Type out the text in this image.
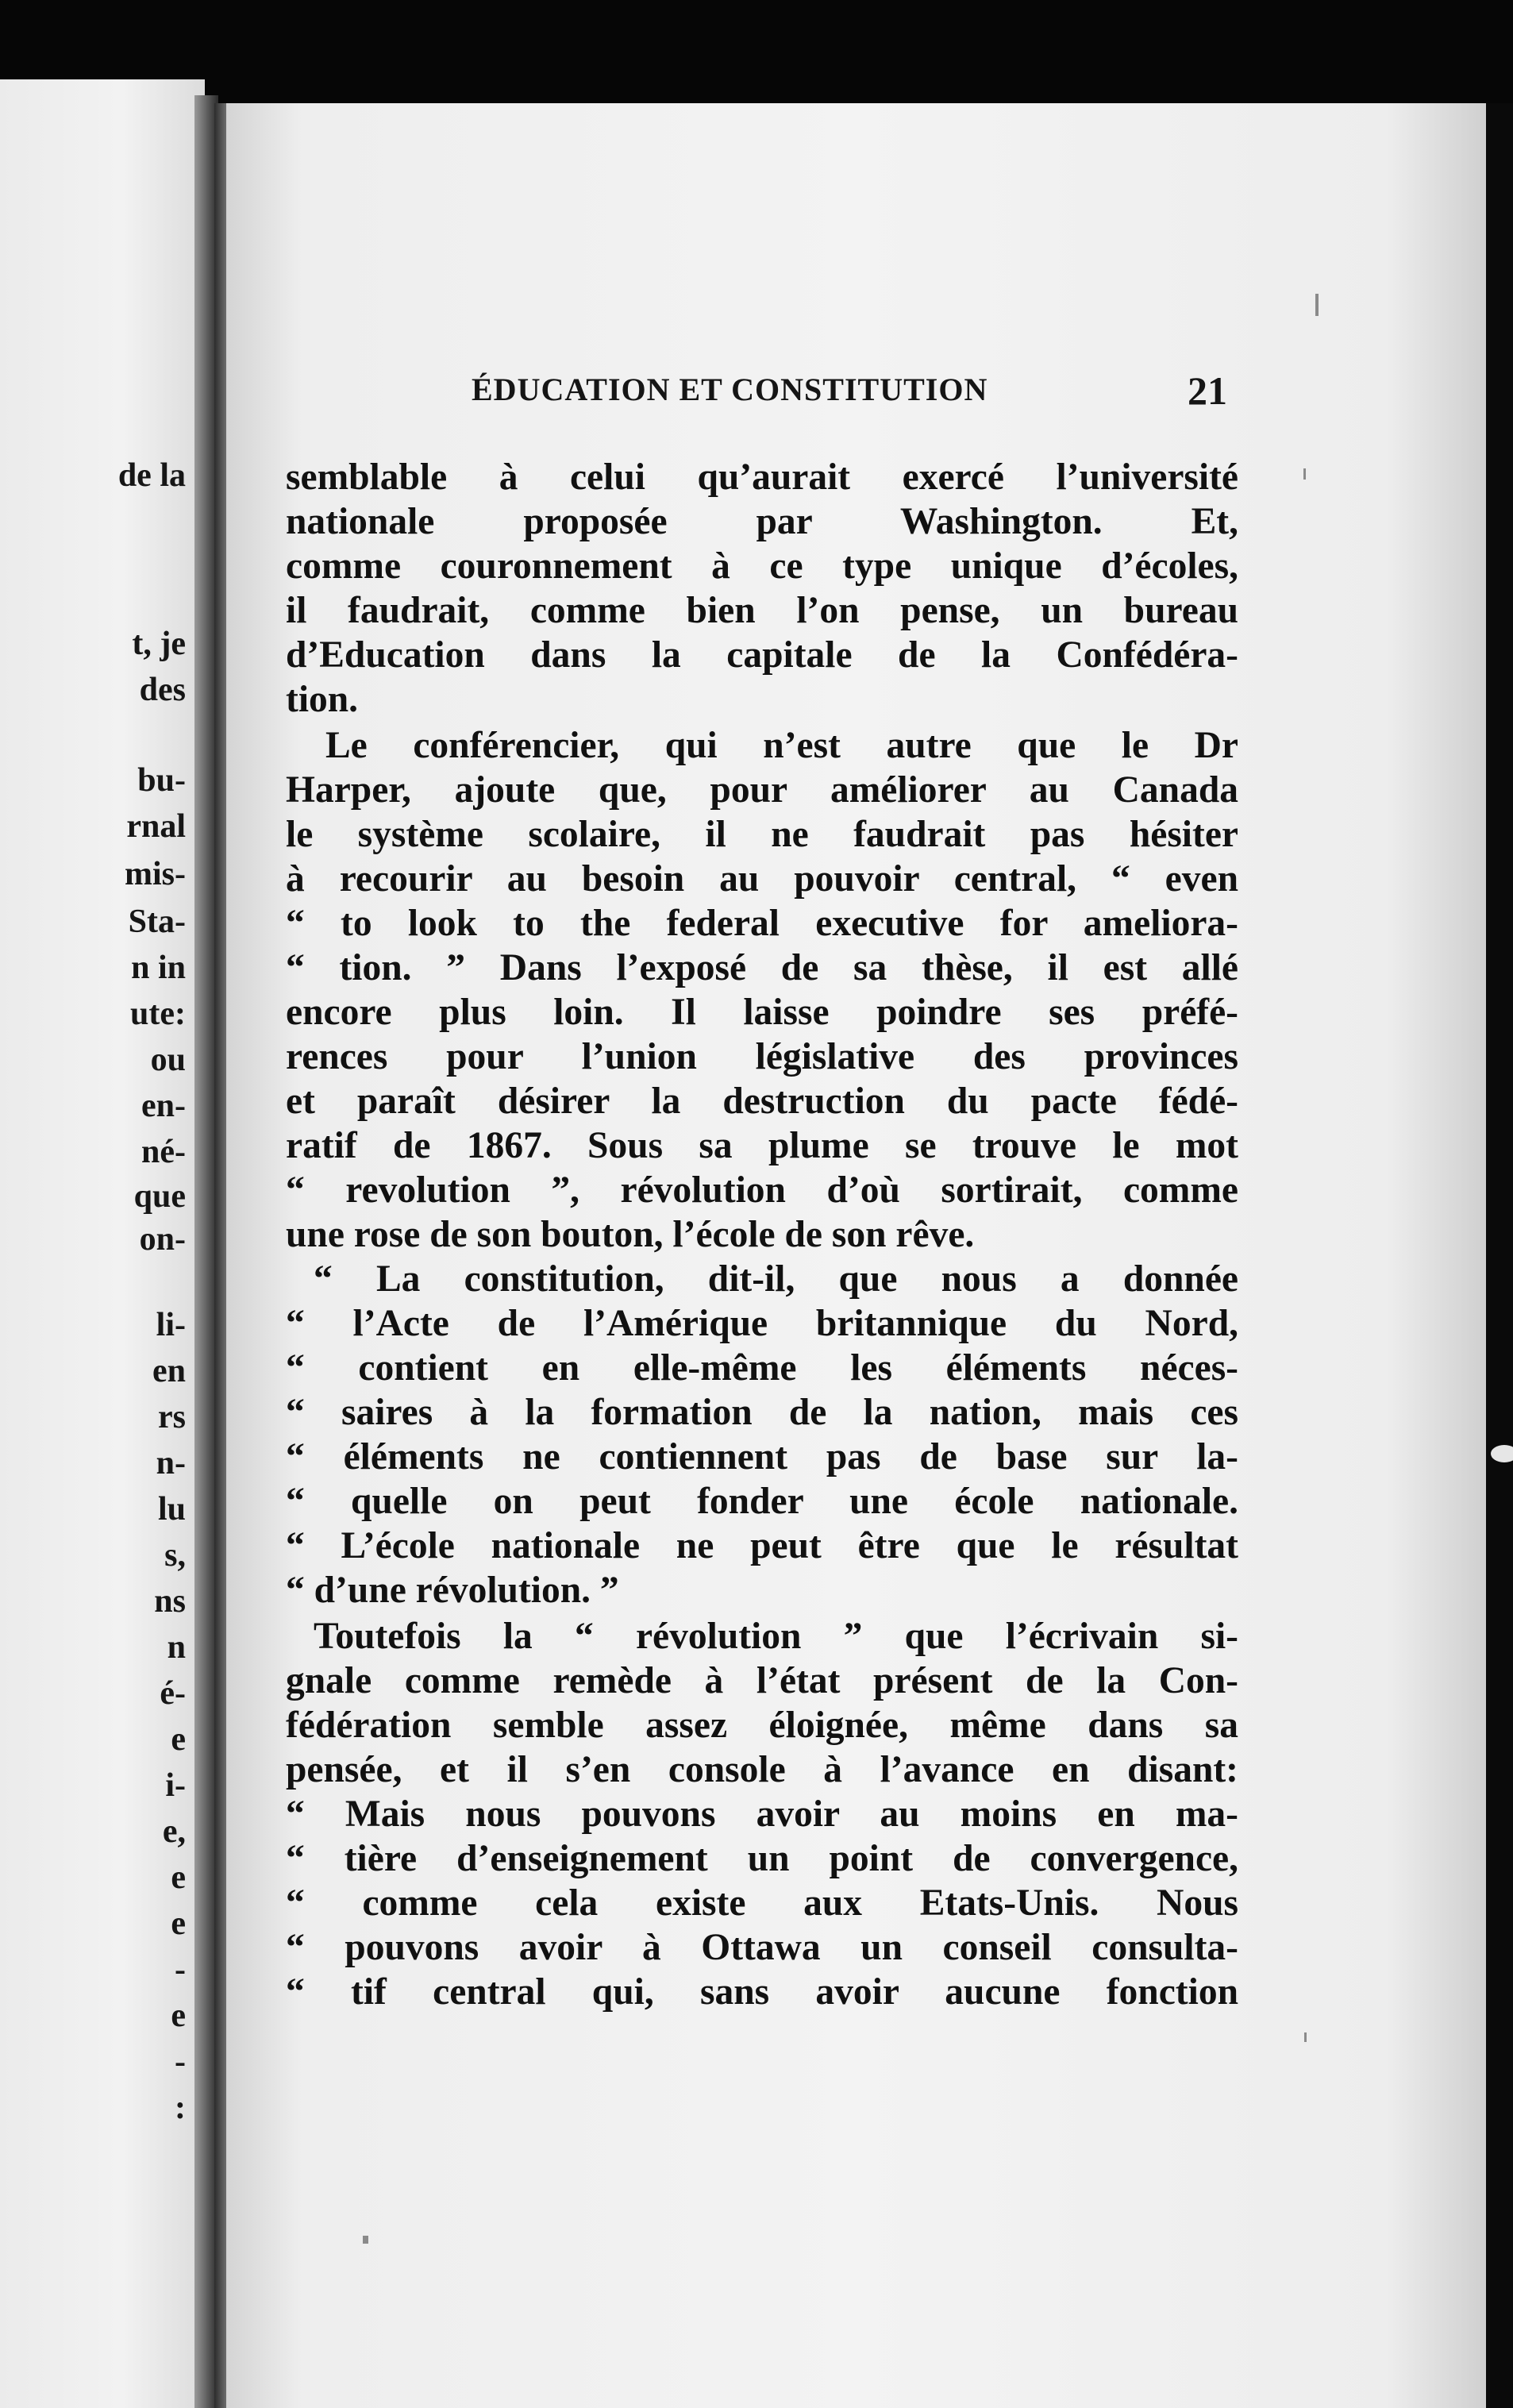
de la
t, je
des
bu-
rnal
mis-
Sta-
n in
ute:
ou
en-
né-
que
on-
li-
en
rs
n-
lu
s,
ns
n
é-
e
i-
e,
e
e
-
e
-
:
ÉDUCATION ET CONSTITUTION	21
semblable à celui qu’aurait exercé l’université
nationale proposée par Washington. Et,
comme couronnement à ce type unique d’écoles,
il faudrait, comme bien l’on pense, un bureau
d’Education dans la capitale de la Confédéra-
tion.
Le conférencier, qui n’est autre que le Dr
Harper, ajoute que, pour améliorer au Canada
le système scolaire, il ne faudrait pas hésiter
à recourir au besoin au pouvoir central, “ even
“ to look to the federal executive for ameliora-
“ tion. ” Dans l’exposé de sa thèse, il est allé
encore plus loin. Il laisse poindre ses préfé-
rences pour l’union législative des provinces
et paraît désirer la destruction du pacte fédé-
ratif de 1867. Sous sa plume se trouve le mot
“ revolution ”, révolution d’où sortirait, comme
une rose de son bouton, l’école de son rêve.
“ La constitution, dit-il, que nous a donnée
“ l’Acte de l’Amérique britannique du Nord,
“ contient en elle-même les éléments néces-
“ saires à la formation de la nation, mais ces
“ éléments ne contiennent pas de base sur la-
“ quelle on peut fonder une école nationale.
“ L’école nationale ne peut être que le résultat
“ d’une révolution. ”
Toutefois la “ révolution ” que l’écrivain si-
gnale comme remède à l’état présent de la Con-
fédération semble assez éloignée, même dans sa
pensée, et il s’en console à l’avance en disant:
“ Mais nous pouvons avoir au moins en ma-
“ tière d’enseignement un point de convergence,
“ comme cela existe aux Etats-Unis. Nous
“ pouvons avoir à Ottawa un conseil consulta-
“ tif central qui, sans avoir aucune fonction
